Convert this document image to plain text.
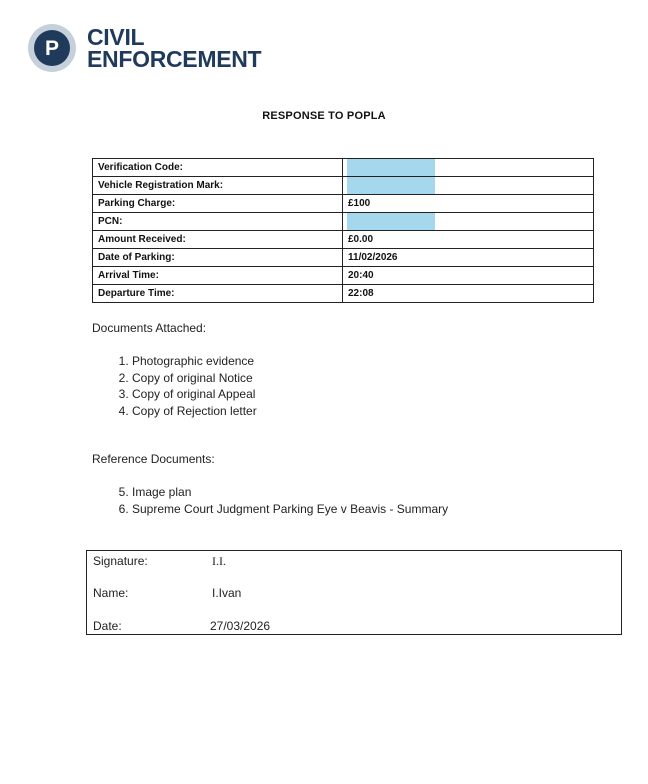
P CIVIL
ENFORCEMENT
RESPONSE TO POPLA
Verification Code:	

Vehicle Registration Mark:	

Parking Charge:	£100
PCN:	

Amount Received:	£0.00
Date of Parking:	11/02/2026
Arrival Time:	20:40
Departure Time:	22:08
Documents Attached:
1. Photographic evidence
2. Copy of original Notice
3. Copy of original Appeal
4. Copy of Rejection letter
Reference Documents:
5. Image plan
6. Supreme Court Judgment Parking Eye v Beavis - Summary
Signature:	I.I.
Name:	I.Ivan
Date:	27/03/2026
